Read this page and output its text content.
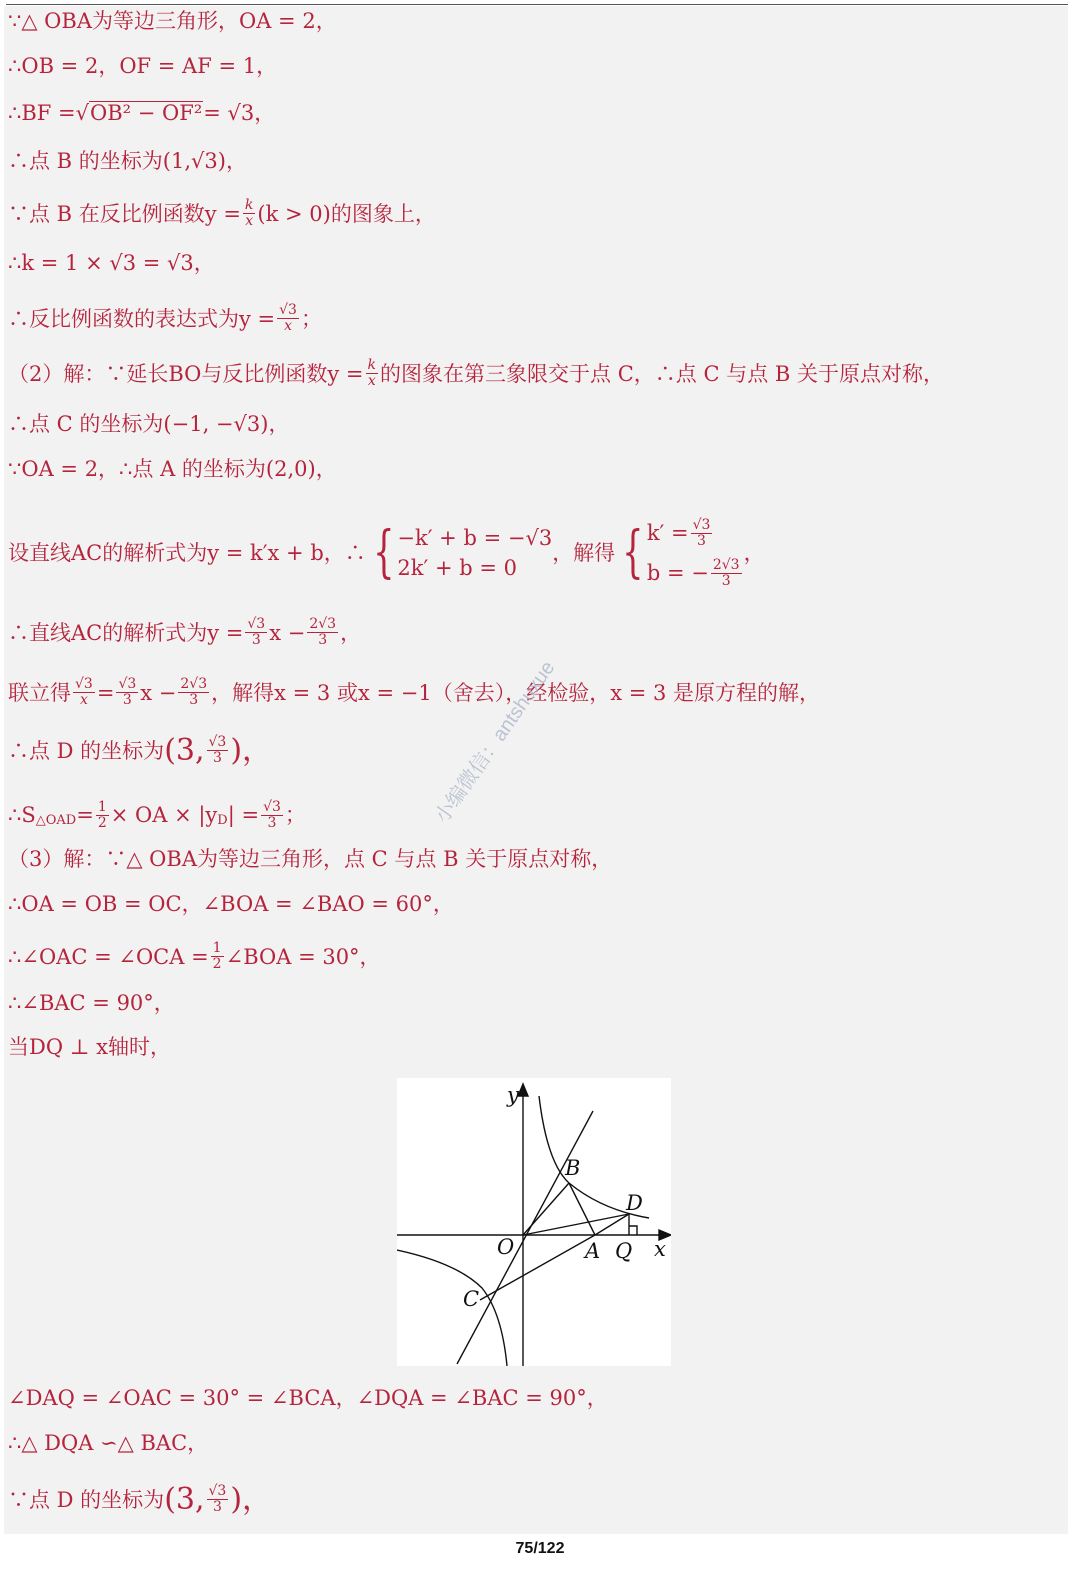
∵△ OBA为等边三角形，OA = 2，
∴OB = 2，OF = AF = 1，
∴BF = √ OB² − OF² = √3，
∴点 B 的坐标为 (1,√3) ，
∵点 B 在反比例函数$y = \frac{k}{x} (k > 0)$的图象上，
∴k = 1 × √3 = √3，
∴反比例函数的表达式为$y = \frac{√3}{x}$ ；
（2）解：∵延长BO与反比例函数$y = \frac{k}{x}$ 的图象在第三象限交于点 C，∴点 C 与点 B 关于原点对称，
∴点 C 的坐标为 (−1, −√3) ，
∵OA = 2，∴点 A 的坐标为(2,0)，
设直线AC的解析式为y = k′x + b，∴ { −k′ + b = −√3
2k′ + b = 0
，解得 { $k' = \frac{√3}{3}$
b = − $\frac{2√3}{3}$
，
∴直线AC的解析式为$y = \frac{√3}{3}$ $x - \frac{2√3}{3}$ ，
联立得 $\frac{√3}{x} = \frac{√3}{3}$ $x - \frac{2√3}{3}$ ，解得x = 3 或x = −1（舍去），经检验，x = 3 是原方程的解，
∴点 D 的坐标为 (3, $\frac{√3}{3}$ )，
∴S △OAD = $\frac{1}{2}$ × OA × |y D | = $\frac{√3}{3}$ ；
（3）解：∵△ OBA为等边三角形，点 C 与点 B 关于原点对称，
∴OA = OB = OC，∠BOA = ∠BAO = 60°，
∴∠OAC = ∠OCA = $\frac{1}{2}$ ∠BOA = 30°，
∴∠BAC = 90°，
当DQ ⊥ x轴时，
y
x
O	A
B
C
D
Q
小编微信：antshuxue
∠DAQ = ∠OAC = 30° = ∠BCA，∠DQA = ∠BAC = 90°，
∴△ DQA ∽△ BAC，
∵点 D 的坐标为 (3, $\frac{√3}{3}$ )，
75/122
